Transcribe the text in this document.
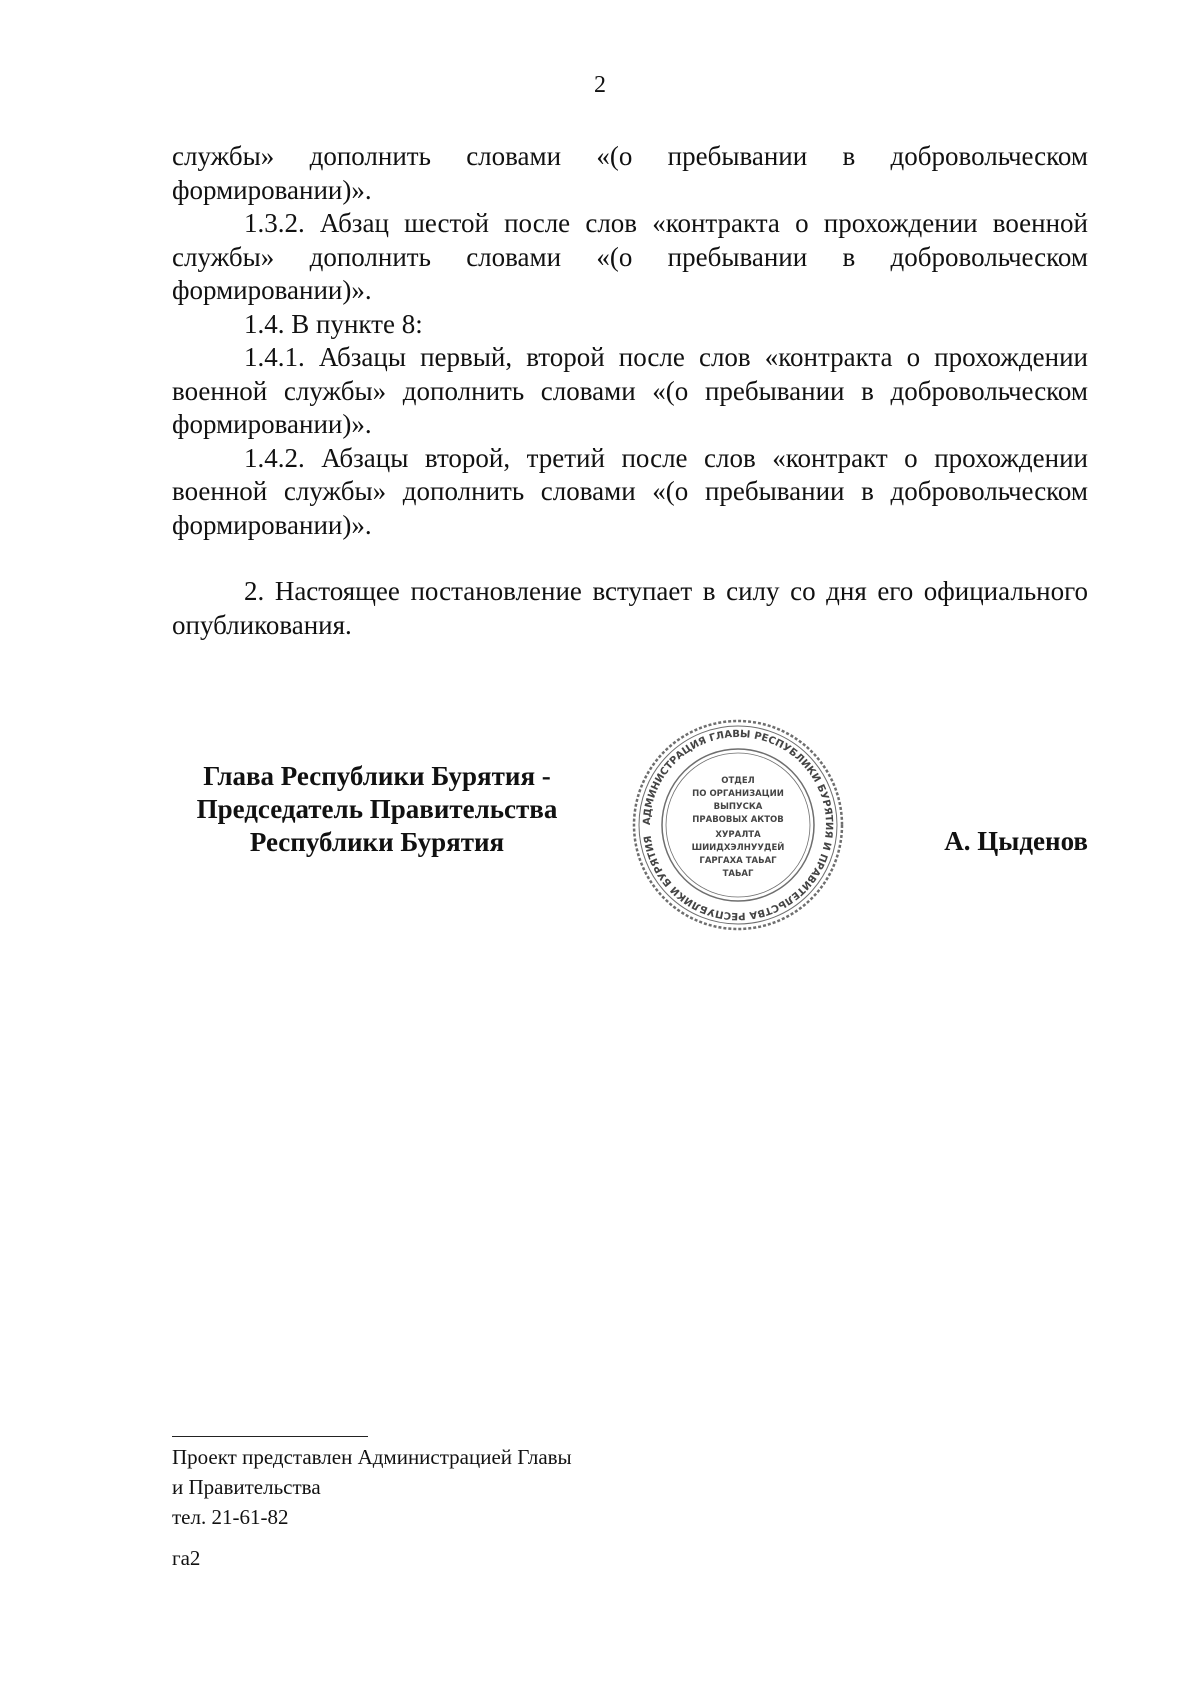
2

службы» дополнить словами «(о пребывании в добровольческом формировании)».

1.3.2. Абзац шестой после слов «контракта о прохождении военной службы» дополнить словами «(о пребывании в добровольческом формировании)».

1.4. В пункте 8:

1.4.1. Абзацы первый, второй после слов «контракта о прохождении военной службы» дополнить словами «(о пребывании в добровольческом формировании)».

1.4.2. Абзацы второй, третий после слов «контракт о прохождении военной службы» дополнить словами «(о пребывании в добровольческом формировании)».

2. Настоящее постановление вступает в силу со дня его официального опубликования.

Глава Республики Бурятия -
Председатель Правительства
Республики Бурятия
АДМИНИСТРАЦИЯ ГЛАВЫ РЕСПУБЛИКИ БУРЯТИЯ И ПРАВИТЕЛЬСТВА РЕСПУБЛИКИ БУРЯТИЯ
ОТДЕЛ
ПО ОРГАНИЗАЦИИ
ВЫПУСКА
ПРАВОВЫХ АКТОВ
ХУРАЛТА
ШИИДХЭЛНУУДЕЙ
ГАРГАХА ТАЬАГ
ТАЬАГ
А. Цыденов
Проект представлен Администрацией Главы
и Правительства
тел. 21-61-82
га2
